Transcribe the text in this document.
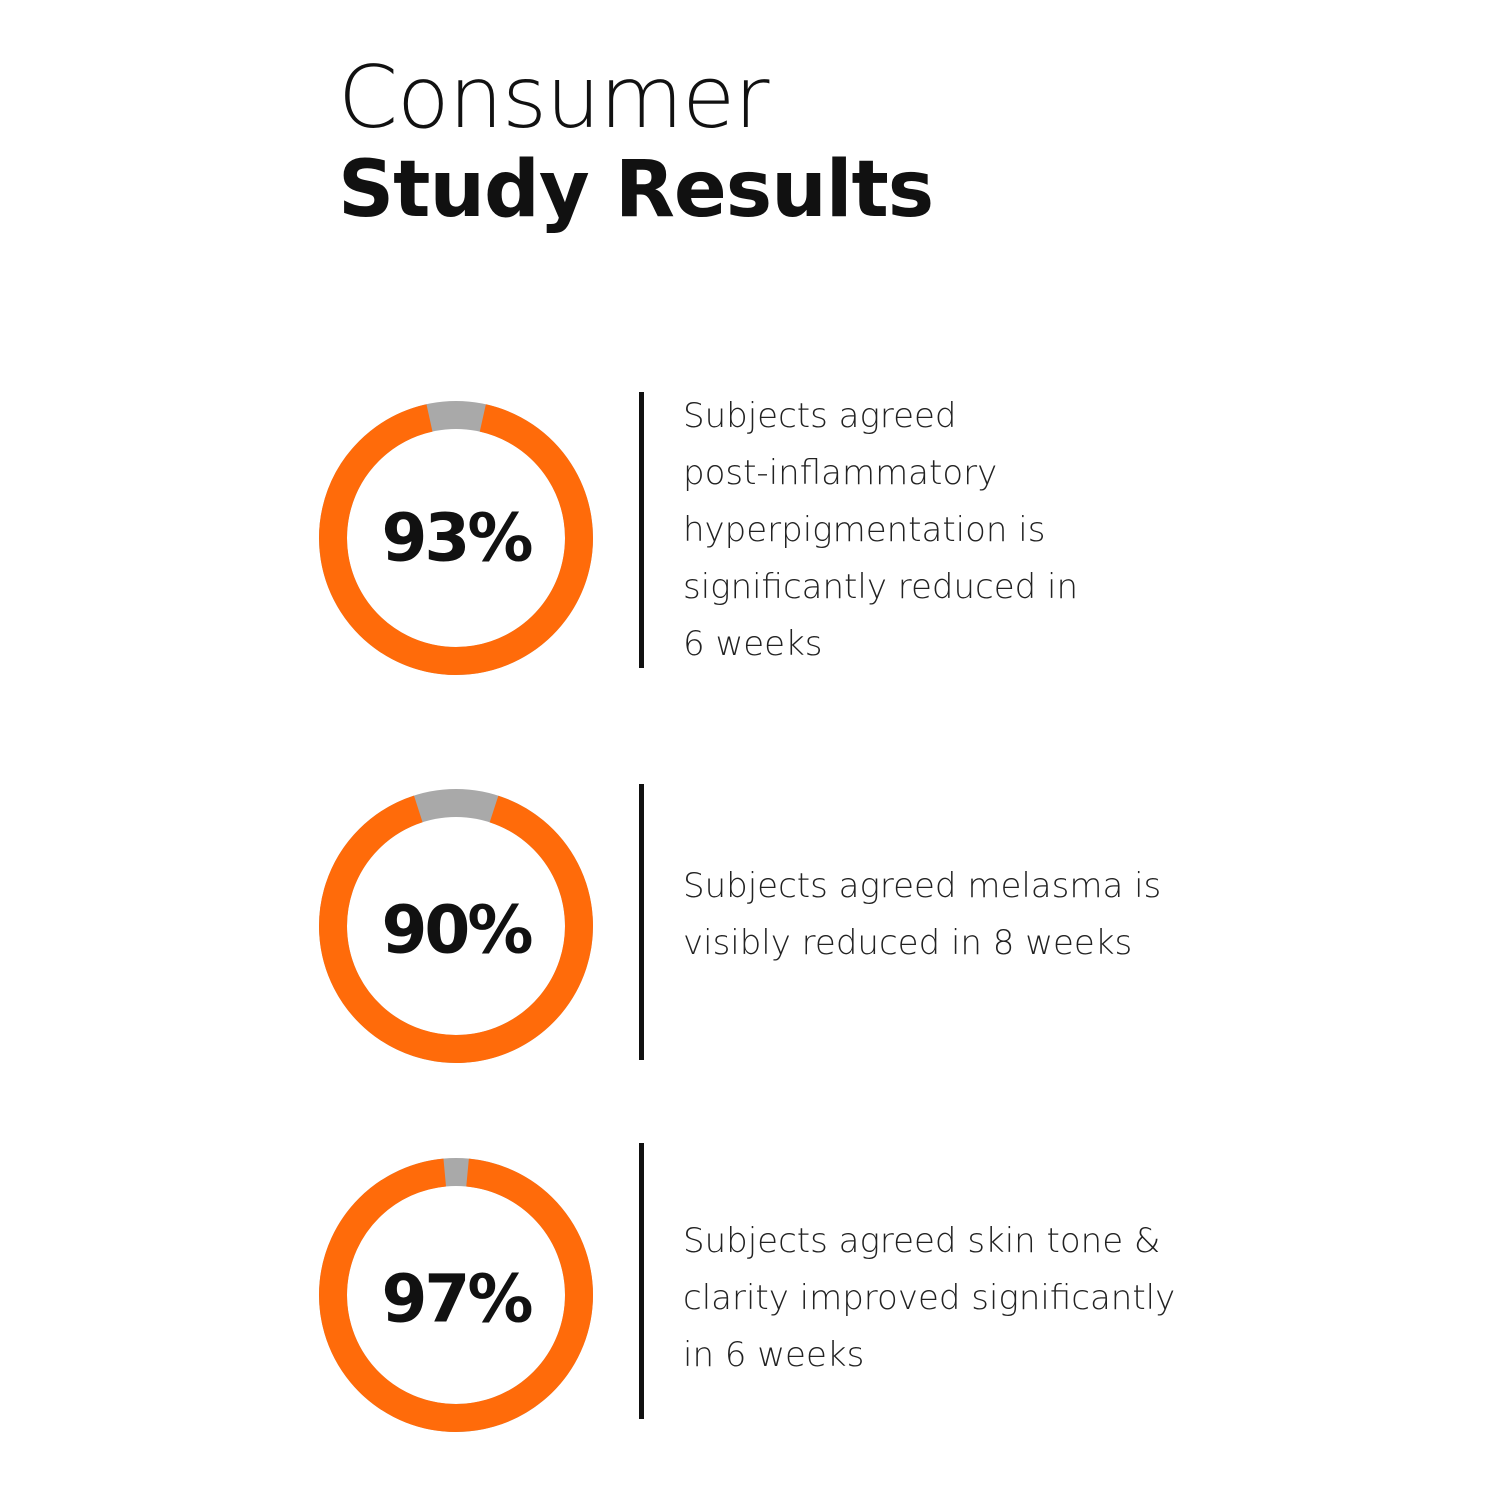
Consumer
Study Results
93%

Subjects agreed
post-inflammatory
hyperpigmentation is
significantly reduced in
6 weeks

90%

Subjects agreed melasma is
visibly reduced in 8 weeks

97%

Subjects agreed skin tone &
clarity improved significantly
in 6 weeks
